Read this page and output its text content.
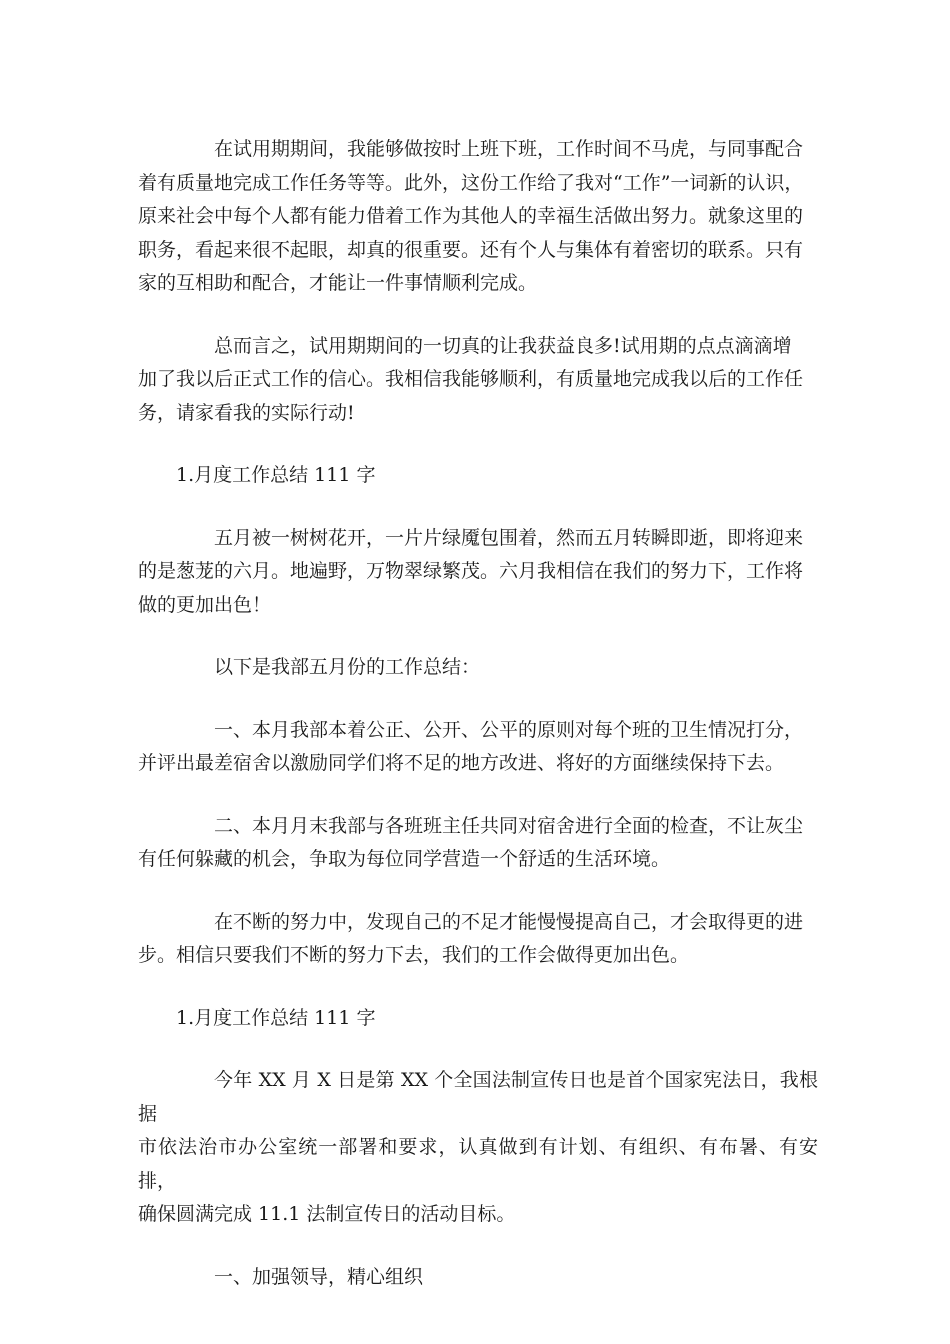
在试用期期间，我能够做按时上班下班，工作时间不马虎，与同事配合
着有质量地完成工作任务等等。此外，这份工作给了我对“工作”一词新的认识，
原来社会中每个人都有能力借着工作为其他人的幸福生活做出努力。就象这里的
职务，看起来很不起眼，却真的很重要。还有个人与集体有着密切的联系。只有
家的互相助和配合，才能让一件事情顺利完成。
总而言之，试用期期间的一切真的让我获益良多!试用期的点点滴滴增
加了我以后正式工作的信心。我相信我能够顺利，有质量地完成我以后的工作任
务，请家看我的实际行动!
1.月度工作总结 111 字
五月被一树树花开，一片片绿魇包围着，然而五月转瞬即逝，即将迎来
的是葱茏的六月。地遍野，万物翠绿繁茂。六月我相信在我们的努力下，工作将
做的更加出色！
以下是我部五月份的工作总结：
一、本月我部本着公正、公开、公平的原则对每个班的卫生情况打分，
并评出最差宿舍以激励同学们将不足的地方改进、将好的方面继续保持下去。
二、本月月末我部与各班班主任共同对宿舍进行全面的检查，不让灰尘
有任何躲藏的机会，争取为每位同学营造一个舒适的生活环境。
在不断的努力中，发现自己的不足才能慢慢提高自己，才会取得更的进
步。相信只要我们不断的努力下去，我们的工作会做得更加出色。
1.月度工作总结 111 字
今年 XX 月 X 日是第 XX 个全国法制宣传日也是首个国家宪法日，我根据
市依法治市办公室统一部署和要求，认真做到有计划、有组织、有布暑、有安排，
确保圆满完成 11.1 法制宣传日的活动目标。
一、加强领导，精心组织
